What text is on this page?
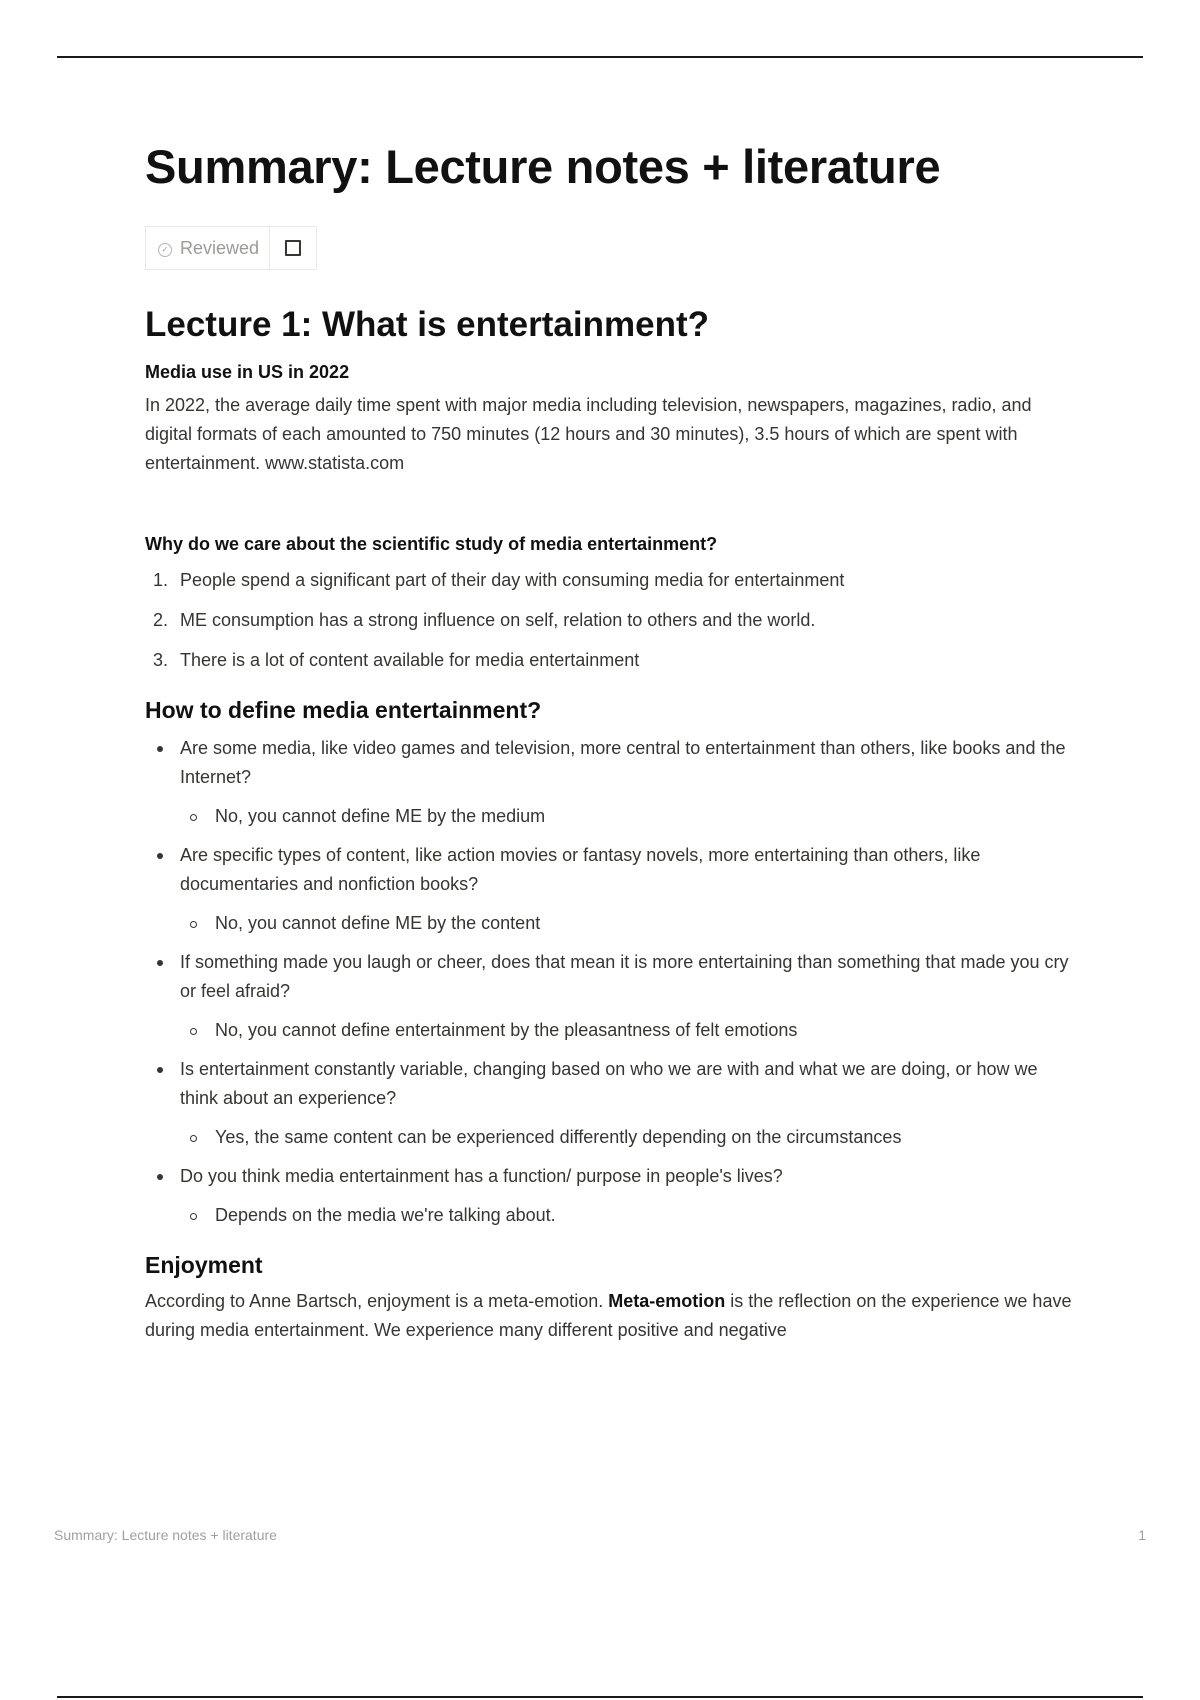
Summary: Lecture notes + literature
✓ Reviewed
Lecture 1: What is entertainment?
Media use in US in 2022

In 2022, the average daily time spent with major media including television, newspapers, magazines, radio, and digital formats of each amounted to 750 minutes (12 hours and 30 minutes), 3.5 hours of which are spent with entertainment. www.statista.com

Why do we care about the scientific study of media entertainment?
1. People spend a significant part of their day with consuming media for entertainment
2. ME consumption has a strong influence on self, relation to others and the world.
3. There is a lot of content available for media entertainment
How to define media entertainment?
Are some media, like video games and television, more central to entertainment than others, like books and the Internet?
No, you cannot define ME by the medium
Are specific types of content, like action movies or fantasy novels, more entertaining than others, like documentaries and nonfiction books?
No, you cannot define ME by the content
If something made you laugh or cheer, does that mean it is more entertaining than something that made you cry or feel afraid?
No, you cannot define entertainment by the pleasantness of felt emotions
Is entertainment constantly variable, changing based on who we are with and what we are doing, or how we think about an experience?
Yes, the same content can be experienced differently depending on the circumstances
Do you think media entertainment has a function/ purpose in people's lives?
Depends on the media we're talking about.
Enjoyment

According to Anne Bartsch, enjoyment is a meta-emotion. Meta-emotion is the reflection on the experience we have during media entertainment. We experience many different positive and negative

Summary: Lecture notes + literature	1
